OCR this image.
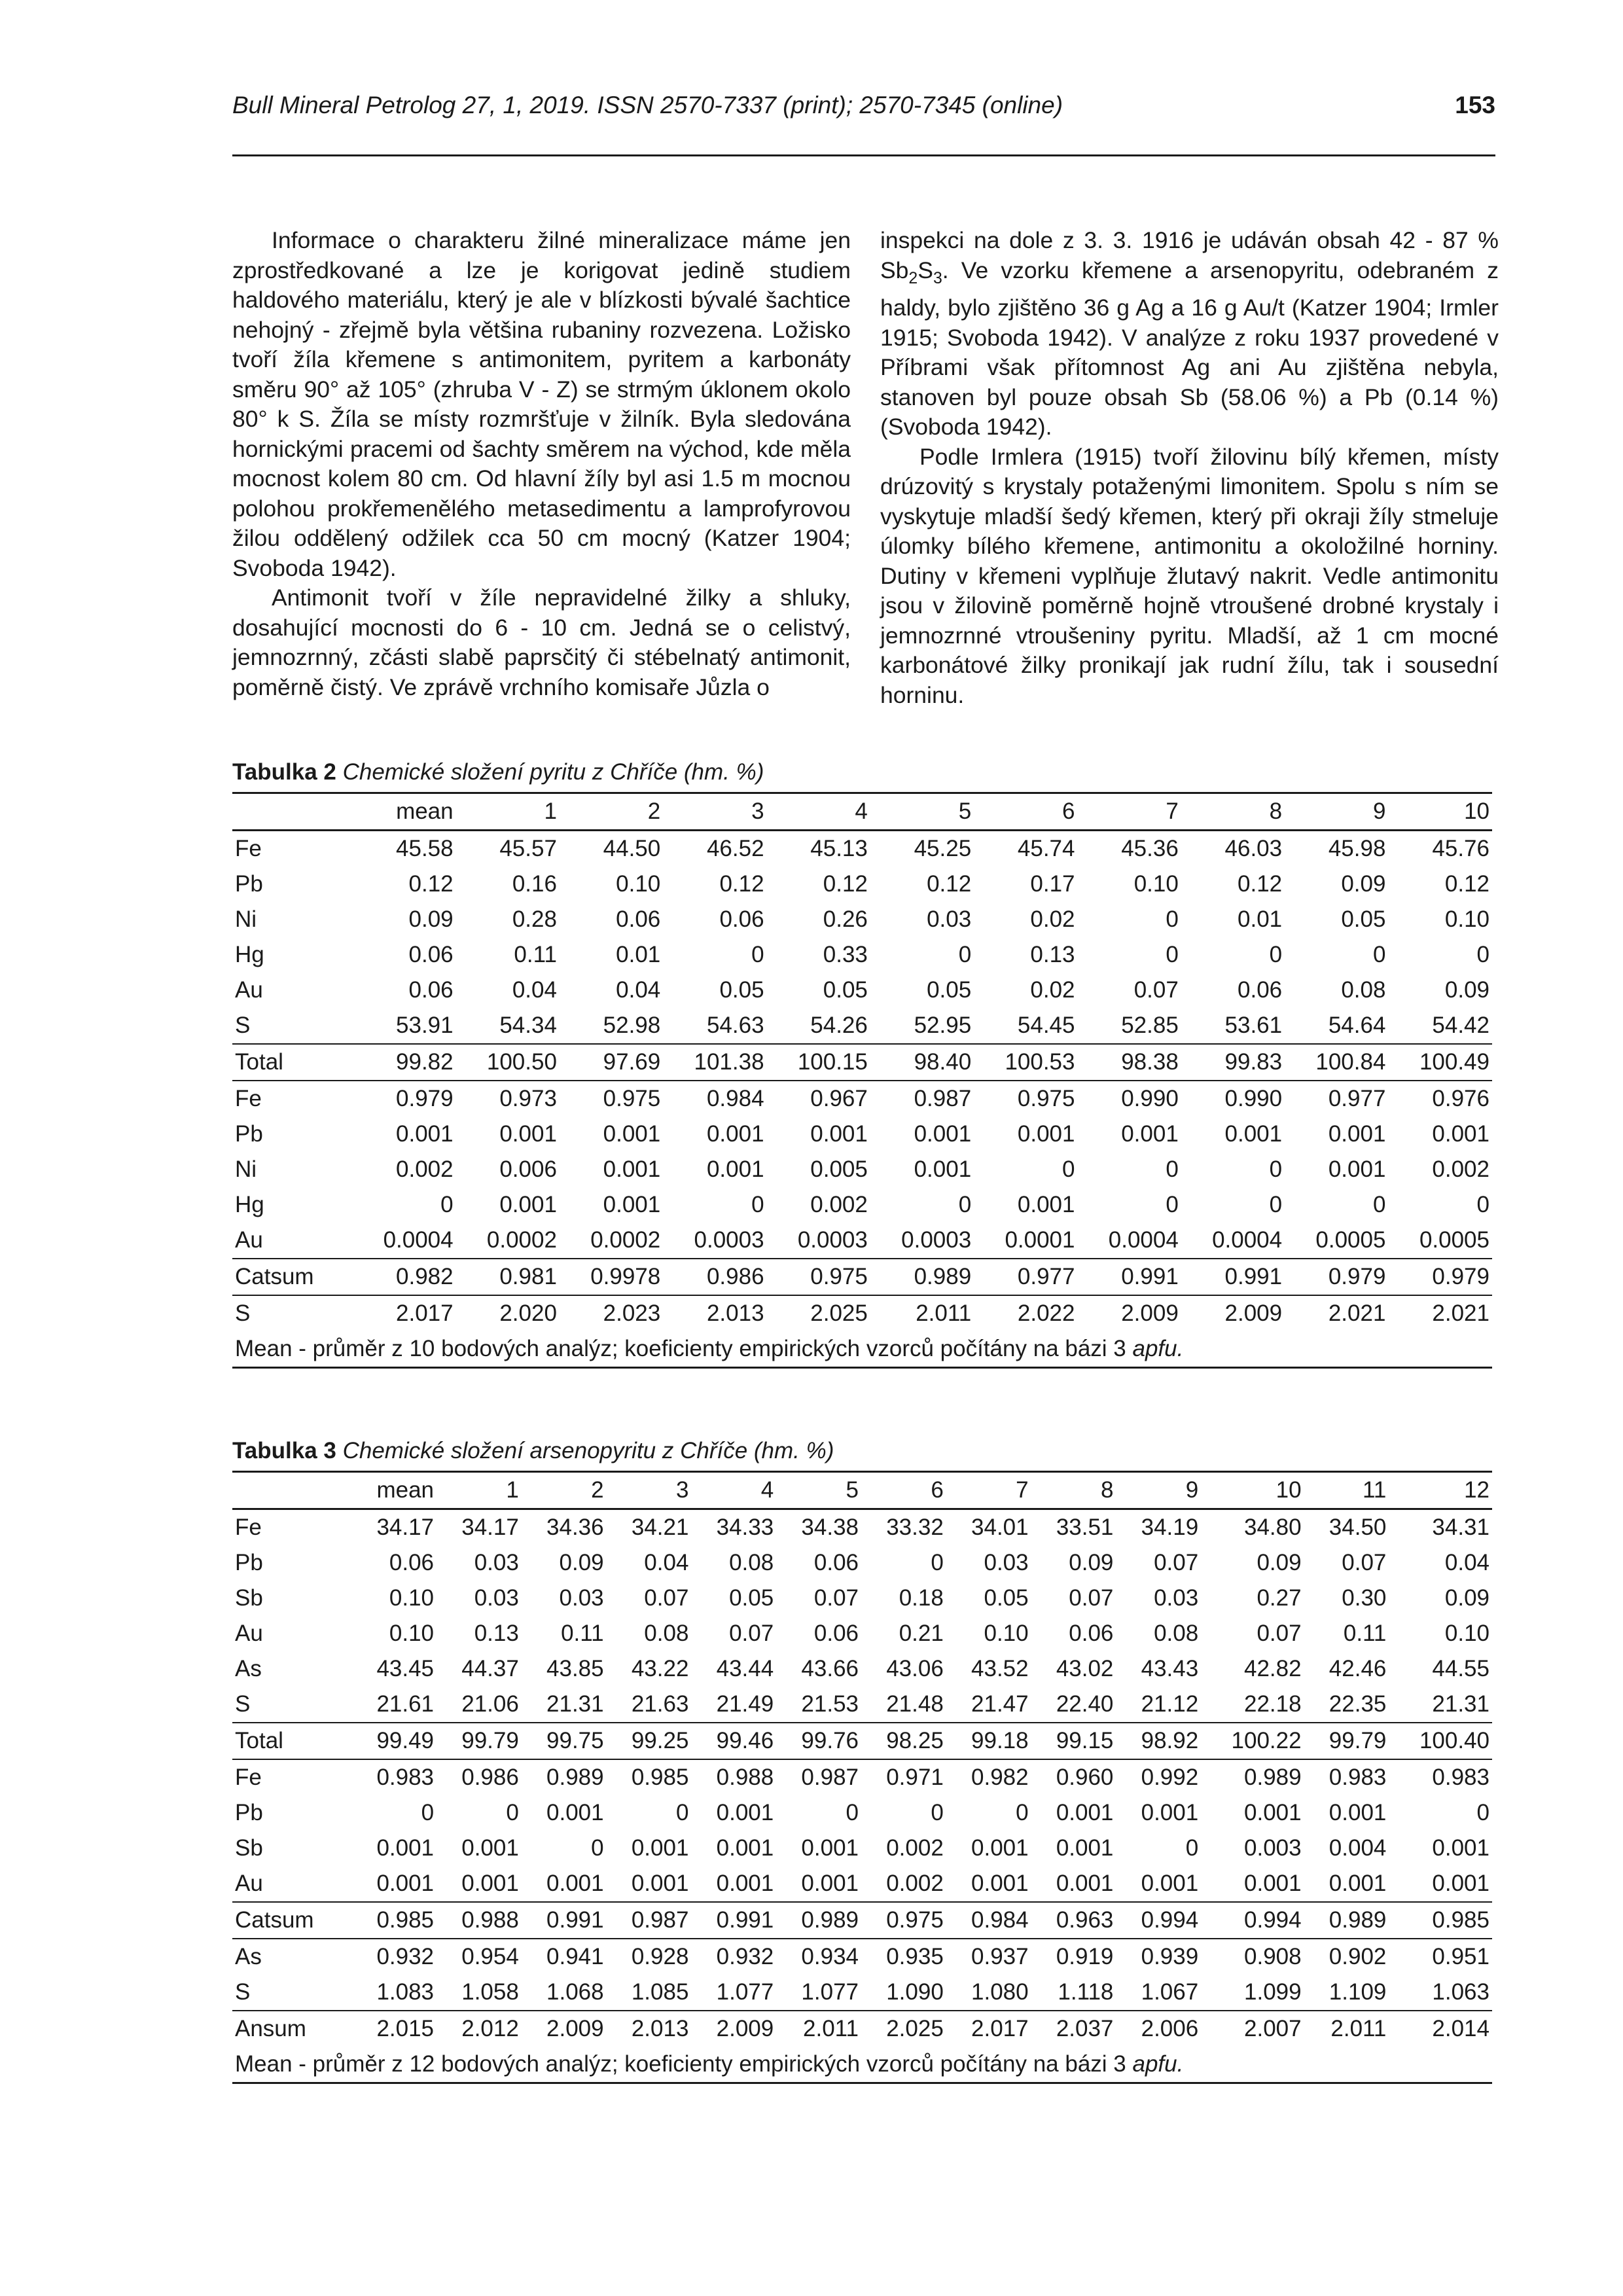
Bull Mineral Petrolog 27, 1, 2019. ISSN 2570-7337 (print); 2570-7345 (online)	153

Informace o charakteru žilné mineralizace máme jen zprostředkované a lze je korigovat jedině studiem haldového materiálu, který je ale v blízkosti bývalé šachtice nehojný - zřejmě byla většina rubaniny rozvezena. Ložisko tvoří žíla křemene s antimonitem, pyritem a karbonáty směru 90° až 105° (zhruba V - Z) se strmým úklonem okolo 80° k S. Žíla se místy rozmršťuje v žilník. Byla sledována hornickými pracemi od šachty směrem na východ, kde měla mocnost kolem 80 cm. Od hlavní žíly byl asi 1.5 m mocnou polohou prokřemenělého metasedimentu a lamprofyrovou žilou oddělený odžilek cca 50 cm mocný (Katzer 1904; Svoboda 1942).

Antimonit tvoří v žíle nepravidelné žilky a shluky, dosahující mocnosti do 6 - 10 cm. Jedná se o celistvý, jemnozrnný, zčásti slabě paprsčitý či stébelnatý antimonit, poměrně čistý. Ve zprávě vrchního komisaře Jůzla o

inspekci na dole z 3. 3. 1916 je udáván obsah 42 - 87 % $Sb_2S_3$. Ve vzorku křemene a arsenopyritu, odebraném z haldy, bylo zjištěno 36 g Ag a 16 g Au/t (Katzer 1904; Irmler 1915; Svoboda 1942). V analýze z roku 1937 provedené v Příbrami však přítomnost Ag ani Au zjištěna nebyla, stanoven byl pouze obsah Sb (58.06 %) a Pb (0.14 %) (Svoboda 1942).

Podle Irmlera (1915) tvoří žilovinu bílý křemen, místy drúzovitý s krystaly potaženými limonitem. Spolu s ním se vyskytuje mladší šedý křemen, který při okraji žíly stmeluje úlomky bílého křemene, antimonitu a okoložilné horniny. Dutiny v křemeni vyplňuje žlutavý nakrit. Vedle antimonitu jsou v žilovině poměrně hojně vtroušené drobné krystaly i jemnozrnné vtroušeniny pyritu. Mladší, až 1 cm mocné karbonátové žilky pronikají jak rudní žílu, tak i sousední horninu.

Tabulka 2 Chemické složení pyritu z Chříče (hm. %)
	mean	1	2	3	4	5	6	7	8	9	10
Fe	45.58	45.57	44.50	46.52	45.13	45.25	45.74	45.36	46.03	45.98	45.76
Pb	0.12	0.16	0.10	0.12	0.12	0.12	0.17	0.10	0.12	0.09	0.12
Ni	0.09	0.28	0.06	0.06	0.26	0.03	0.02	0	0.01	0.05	0.10
Hg	0.06	0.11	0.01	0	0.33	0	0.13	0	0	0	0
Au	0.06	0.04	0.04	0.05	0.05	0.05	0.02	0.07	0.06	0.08	0.09
S	53.91	54.34	52.98	54.63	54.26	52.95	54.45	52.85	53.61	54.64	54.42
Total	99.82	100.50	97.69	101.38	100.15	98.40	100.53	98.38	99.83	100.84	100.49
Fe	0.979	0.973	0.975	0.984	0.967	0.987	0.975	0.990	0.990	0.977	0.976
Pb	0.001	0.001	0.001	0.001	0.001	0.001	0.001	0.001	0.001	0.001	0.001
Ni	0.002	0.006	0.001	0.001	0.005	0.001	0	0	0	0.001	0.002
Hg	0	0.001	0.001	0	0.002	0	0.001	0	0	0	0
Au	0.0004	0.0002	0.0002	0.0003	0.0003	0.0003	0.0001	0.0004	0.0004	0.0005	0.0005
Catsum	0.982	0.981	0.9978	0.986	0.975	0.989	0.977	0.991	0.991	0.979	0.979
S	2.017	2.020	2.023	2.013	2.025	2.011	2.022	2.009	2.009	2.021	2.021
Mean - průměr z 10 bodových analýz; koeficienty empirických vzorců počítány na bázi 3 apfu.											
Tabulka 3 Chemické složení arsenopyritu z Chříče (hm. %)
	mean	1	2	3	4	5	6	7	8	9	10	11	12
Fe	34.17	34.17	34.36	34.21	34.33	34.38	33.32	34.01	33.51	34.19	34.80	34.50	34.31
Pb	0.06	0.03	0.09	0.04	0.08	0.06	0	0.03	0.09	0.07	0.09	0.07	0.04
Sb	0.10	0.03	0.03	0.07	0.05	0.07	0.18	0.05	0.07	0.03	0.27	0.30	0.09
Au	0.10	0.13	0.11	0.08	0.07	0.06	0.21	0.10	0.06	0.08	0.07	0.11	0.10
As	43.45	44.37	43.85	43.22	43.44	43.66	43.06	43.52	43.02	43.43	42.82	42.46	44.55
S	21.61	21.06	21.31	21.63	21.49	21.53	21.48	21.47	22.40	21.12	22.18	22.35	21.31
Total	99.49	99.79	99.75	99.25	99.46	99.76	98.25	99.18	99.15	98.92	100.22	99.79	100.40
Fe	0.983	0.986	0.989	0.985	0.988	0.987	0.971	0.982	0.960	0.992	0.989	0.983	0.983
Pb	0	0	0.001	0	0.001	0	0	0	0.001	0.001	0.001	0.001	0
Sb	0.001	0.001	0	0.001	0.001	0.001	0.002	0.001	0.001	0	0.003	0.004	0.001
Au	0.001	0.001	0.001	0.001	0.001	0.001	0.002	0.001	0.001	0.001	0.001	0.001	0.001
Catsum	0.985	0.988	0.991	0.987	0.991	0.989	0.975	0.984	0.963	0.994	0.994	0.989	0.985
As	0.932	0.954	0.941	0.928	0.932	0.934	0.935	0.937	0.919	0.939	0.908	0.902	0.951
S	1.083	1.058	1.068	1.085	1.077	1.077	1.090	1.080	1.118	1.067	1.099	1.109	1.063
Ansum	2.015	2.012	2.009	2.013	2.009	2.011	2.025	2.017	2.037	2.006	2.007	2.011	2.014
Mean - průměr z 12 bodových analýz; koeficienty empirických vzorců počítány na bázi 3 apfu.													
